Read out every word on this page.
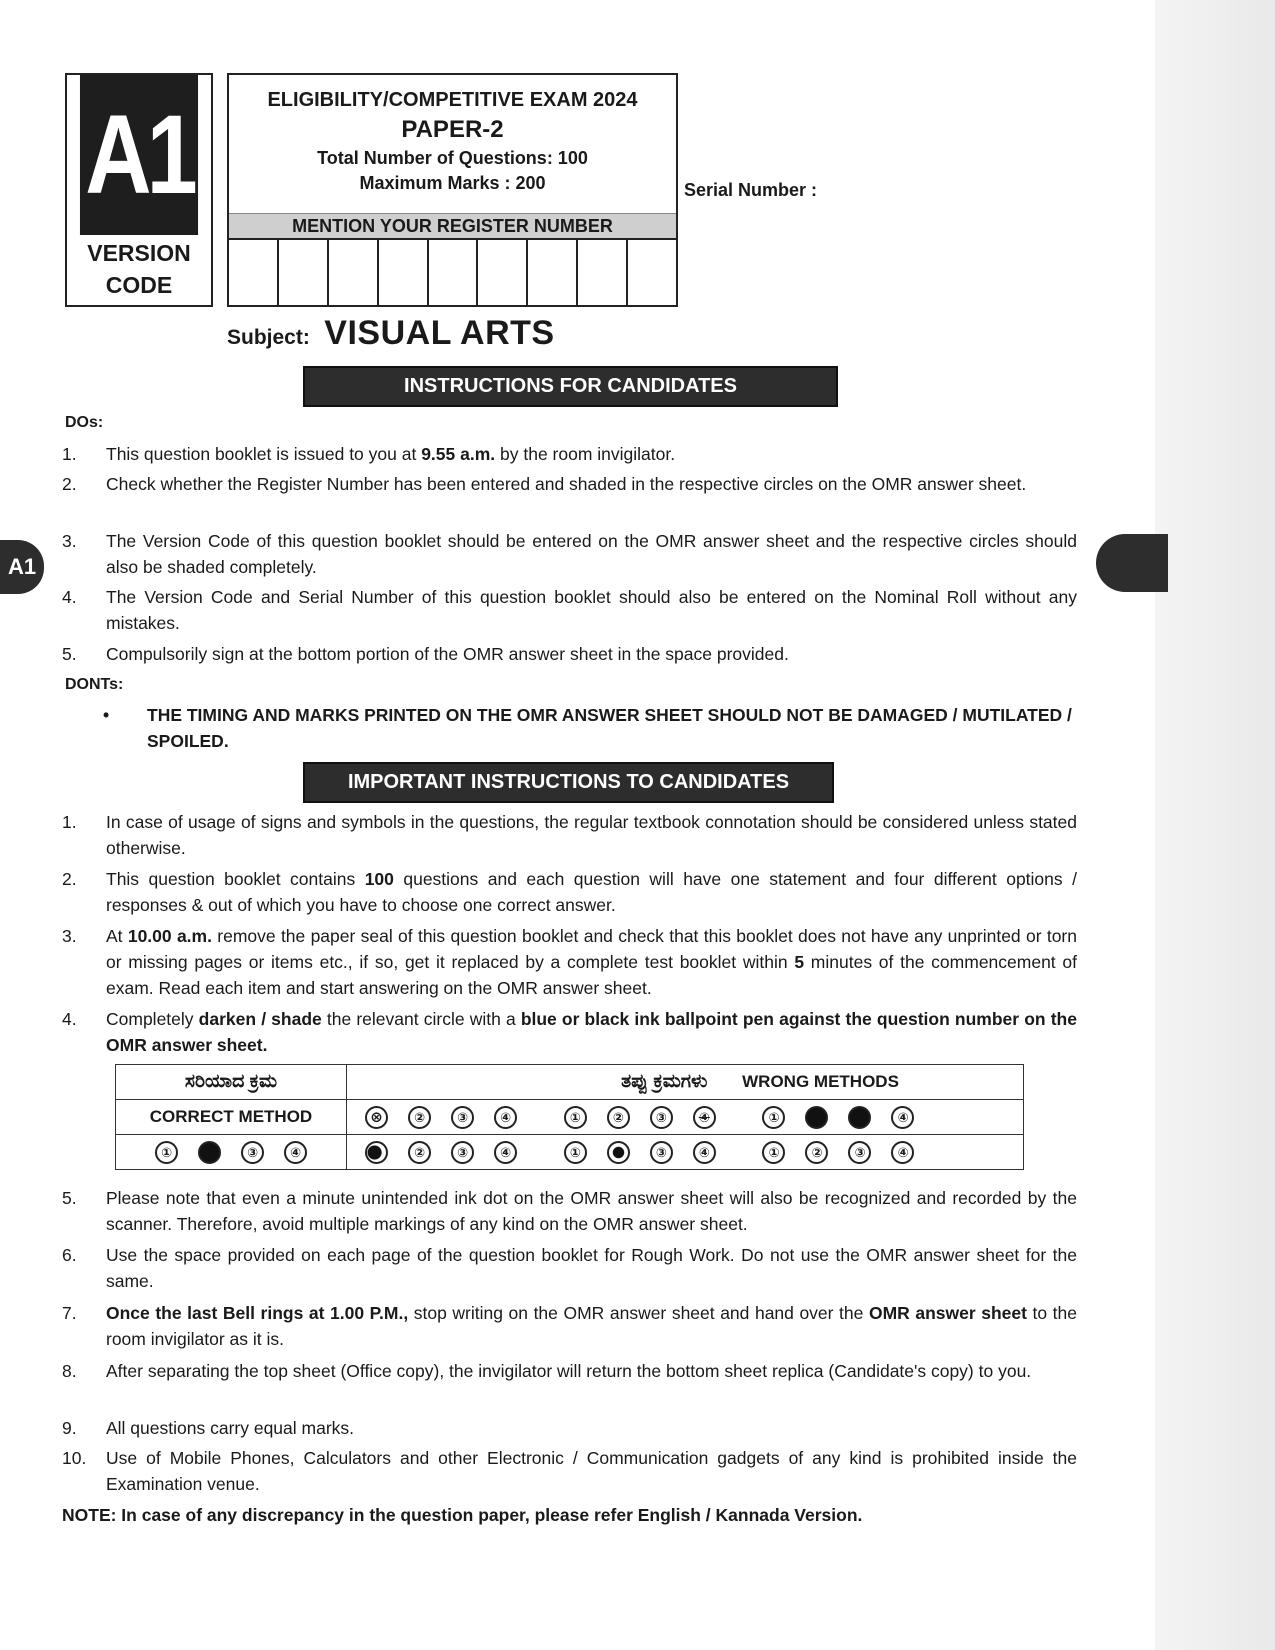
A1
VERSION
CODE
ELIGIBILITY/COMPETITIVE EXAM 2024
PAPER-2
Total Number of Questions: 100
Maximum Marks : 200
MENTION YOUR REGISTER NUMBER
Serial Number :
Subject: VISUAL ARTS
INSTRUCTIONS FOR CANDIDATES
A1
DOs:
1. This question booklet is issued to you at 9.55 a.m. by the room invigilator.
2. Check whether the Register Number has been entered and shaded in the respective circles on the OMR answer sheet.
3. The Version Code of this question booklet should be entered on the OMR answer sheet and the respective circles should also be shaded completely.
4. The Version Code and Serial Number of this question booklet should also be entered on the Nominal Roll without any mistakes.
5. Compulsorily sign at the bottom portion of the OMR answer sheet in the space provided.
DONTs:
• THE TIMING AND MARKS PRINTED ON THE OMR ANSWER SHEET SHOULD NOT BE DAMAGED / MUTILATED / SPOILED.
IMPORTANT INSTRUCTIONS TO CANDIDATES
1. In case of usage of signs and symbols in the questions, the regular textbook connotation should be considered unless stated otherwise.
2. This question booklet contains 100 questions and each question will have one statement and four different options / responses & out of which you have to choose one correct answer.
3. At 10.00 a.m. remove the paper seal of this question booklet and check that this booklet does not have any unprinted or torn or missing pages or items etc., if so, get it replaced by a complete test booklet within 5 minutes of the commencement of exam. Read each item and start answering on the OMR answer sheet.
4. Completely darken / shade the relevant circle with a blue or black ink ballpoint pen against the question number on the OMR answer sheet.
ಸರಿಯಾದ ಕ್ರಮ	ತಪ್ಪು ಕ್ರಮಗಳು WRONG METHODS
CORRECT METHOD	⊗ ② ③ ④ ① ② ③ ④ ① ④
① ③ ④	② ③ ④ ① ③ ④ ① ② ③ ④
5. Please note that even a minute unintended ink dot on the OMR answer sheet will also be recognized and recorded by the scanner. Therefore, avoid multiple markings of any kind on the OMR answer sheet.
6. Use the space provided on each page of the question booklet for Rough Work. Do not use the OMR answer sheet for the same.
7. Once the last Bell rings at 1.00 P.M., stop writing on the OMR answer sheet and hand over the OMR answer sheet to the room invigilator as it is.
8. After separating the top sheet (Office copy), the invigilator will return the bottom sheet replica (Candidate's copy) to you.
9. All questions carry equal marks.
10. Use of Mobile Phones, Calculators and other Electronic / Communication gadgets of any kind is prohibited inside the Examination venue.
NOTE: In case of any discrepancy in the question paper, please refer English / Kannada Version.
